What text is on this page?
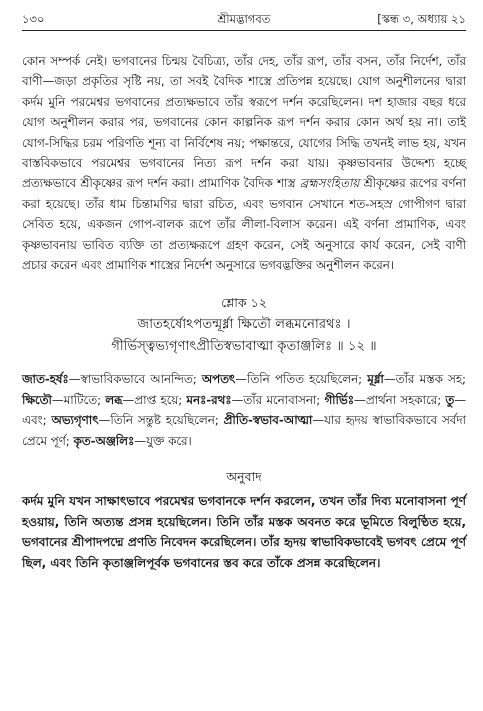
১৩০	শ্রীমদ্ভাগবত	[স্কন্ধ ৩, অধ্যায় ২১
কোন সম্পর্ক নেই। ভগবানের চিন্ময় বৈচিত্র্য, তাঁর দেহ, তাঁর রূপ, তাঁর বসন, তাঁর নির্দেশ, তাঁর বাণী—জড়া প্রকৃতির সৃষ্টি নয়, তা সবই বৈদিক শাস্ত্রে প্রতিপন্ন হয়েছে। যোগ অনুশীলনের দ্বারা কর্দম মুনি পরমেশ্বর ভগবানের প্রত্যক্ষভাবে তাঁর স্বরূপে দর্শন করেছিলেন। দশ হাজার বছর ধরে যোগ অনুশীলন করার পর, ভগবানের কোন কাল্পনিক রূপ দর্শন করার কোন অর্থ হয় না। তাই যোগ-সিদ্ধির চরম পরিণতি শূন্য বা নির্বিশেষ নয়; পক্ষান্তরে, যোগের সিদ্ধি তখনই লাভ হয়, যখন বাস্তবিকভাবে পরমেশ্বর ভগবানের নিত্য রূপ দর্শন করা যায়। কৃষ্ণভাবনার উদ্দেশ্য হচ্ছে প্রত্যক্ষভাবে শ্রীকৃষ্ণের রূপ দর্শন করা। প্রামাণিক বৈদিক শাস্ত্র ব্রহ্মসংহিতায় শ্রীকৃষ্ণের রূপের বর্ণনা করা হয়েছে। তাঁর ধাম চিন্তামণির দ্বারা রচিত, এবং ভগবান সেখানে শত-সহস্র গোপীগণ দ্বারা সেবিত হয়ে, একজন গোপ-বালক রূপে তাঁর লীলা-বিলাস করেন। এই বর্ণনা প্রামাণিক, এবং কৃষ্ণভাবনায় ভাবিত ব্যক্তি তা প্রত্যক্ষরূপে গ্রহণ করেন, সেই অনুসারে কার্য করেন, সেই বাণী প্রচার করেন এবং প্রামাণিক শাস্ত্রের নির্দেশ অনুসারে ভগবদ্ভক্তির অনুশীলন করেন।
শ্লোক ১২
জাতহর্ষোঽপতন্মূর্ধ্না ক্ষিতৌ লব্ধমনোরথঃ ।
গীর্ভিস্ত্বভ্যগৃণাৎপ্রীতিস্বভাবাত্মা কৃতাঞ্জলিঃ ॥ ১২ ॥
জাত-হর্ষঃ—স্বাভাবিকভাবে আনন্দিত; অপতৎ—তিনি পতিত হয়েছিলেন; মূর্ধ্না—তাঁর মস্তক সহ; ক্ষিতৌ—মাটিতে; লব্ধ—প্রাপ্ত হয়ে; মনঃ-রথঃ—তাঁর মনোবাসনা; গীর্ভিঃ—প্রার্থনা সহকারে; তু—এবং; অভ্যগৃণাৎ—তিনি সন্তুষ্ট হয়েছিলেন; প্রীতি-স্বভাব-আত্মা—যার হৃদয় স্বাভাবিকভাবে সর্বদা প্রেমে পূর্ণ; কৃত-অঞ্জলিঃ—যুক্ত করে।
অনুবাদ
কর্দম মুনি যখন সাক্ষাৎভাবে পরমেশ্বর ভগবানকে দর্শন করলেন, তখন তাঁর দিব্য মনোবাসনা পূর্ণ হওয়ায়, তিনি অত্যন্ত প্রসন্ন হয়েছিলেন। তিনি তাঁর মস্তক অবনত করে ভূমিতে বিলুণ্ঠিত হয়ে, ভগবানের শ্রীপাদপদ্মে প্রণতি নিবেদন করেছিলেন। তাঁর হৃদয় স্বাভাবিকভাবেই ভগবৎ প্রেমে পূর্ণ ছিল, এবং তিনি কৃতাঞ্জলিপূর্বক ভগবানের স্তব করে তাঁকে প্রসন্ন করেছিলেন।
